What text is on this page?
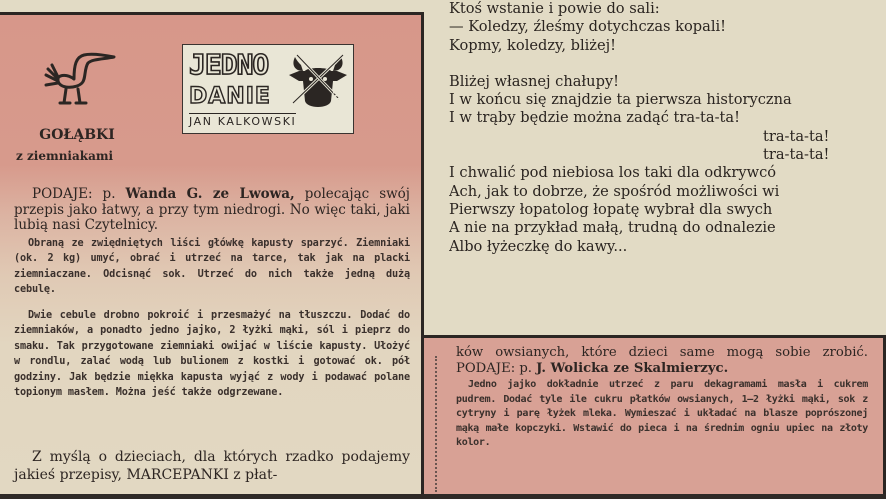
JEDNO
DANIE
JAN KALKOWSKI
GOŁĄBKI
z ziemniakami
PODAJE: p. Wanda G. ze Lwowa, polecając swój przepis jako łatwy, a przy tym niedrogi. No więc taki, jaki lubią nasi Czytelnicy.
Obraną ze zwiędniętych liści główkę kapusty sparzyć. Ziemniaki (ok. 2 kg) umyć, obrać i utrzeć na tarce, tak jak na placki ziemniaczane. Odcisnąć sok. Utrzeć do nich także jedną dużą cebulę.
Dwie cebule drobno pokroić i przesmażyć na tłuszczu. Dodać do ziemniaków, a ponadto jedno jajko, 2 łyżki mąki, sól i pieprz do smaku. Tak przygotowane ziemniaki owijać w liście kapusty. Ułożyć w rondlu, zalać wodą lub bulionem z kostki i gotować ok. pół godziny. Jak będzie miękka kapusta wyjąć z wody i podawać polane topionym masłem. Można jeść także odgrzewane.
Z myślą o dzieciach, dla których rzadko podajemy jakieś przepisy, MARCEPANKI z płat-
Ktoś wstanie i powie do sali:
— Koledzy, źleśmy dotychczas kopali!
Kopmy, koledzy, bliżej!
Bliżej własnej chałupy!
I w końcu się znajdzie ta pierwsza historyczna
I w trąby będzie można zadąć tra-ta-ta!
tra-ta-ta!
tra-ta-ta!
I chwalić pod niebiosa los taki dla odkrywcó
Ach, jak to dobrze, że spośród możliwości wi
Pierwszy łopatolog łopatę wybrał dla swych
A nie na przykład małą, trudną do odnalezie
Albo łyżeczkę do kawy...
ków owsianych, które dzieci same mogą sobie zrobić. PODAJE: p. J. Wolicka ze Skalmierzyc.
Jedno jajko dokładnie utrzeć z paru dekagramami masła i cukrem pudrem. Dodać tyle ile cukru płatków owsianych, 1—2 łyżki mąki, sok z cytryny i parę łyżek mleka. Wymieszać i układać na blasze poprószonej mąką małe kopczyki. Wstawić do pieca i na średnim ogniu upiec na złoty kolor.
